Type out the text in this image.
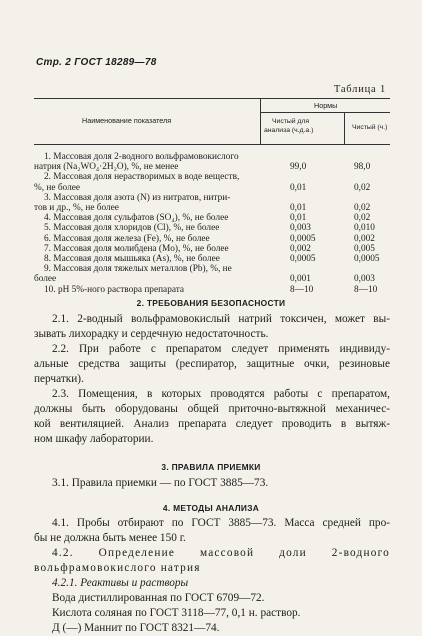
Стр. 2 ГОСТ 18289—78
Таблица 1
Наименование показателя
Нормы
Чистый для
анализа (ч.д.а.)	Чистый (ч.)
1. Массовая доля 2-водного вольфрамовокислого
натрия (Na₂WO₄·2H₂O), %, не менее	99,0	98,0
2. Массовая доля нерастворимых в воде веществ,
%, не более	0,01	0,02
3. Массовая доля азота (N) из нитратов, нитри-
тов и др., %, не более	0,01	0,02
4. Массовая доля сульфатов (SO₄), %, не более	0,01	0,02
5. Массовая доля хлоридов (Cl), %, не более	0,003	0,010
6. Массовая доля железа (Fe), %, не более	0,0005	0,002
7. Массовая доля молибдена (Mo), %, не более	0,002	0,005
8. Массовая доля мышьяка (As), %, не более	0,0005	0,0005
9. Массовая доля тяжелых металлов (Pb), %, не
более	0,001	0,003
10. pH 5%-ного раствора препарата	8—10	8—10
2. ТРЕБОВАНИЯ БЕЗОПАСНОСТИ
2.1. 2-водный вольфрамовокислый натрий токсичен, может вы-
зывать лихорадку и сердечную недостаточность.
2.2. При работе с препаратом следует применять индивиду-
альные средства защиты (респиратор, защитные очки, резиновые
перчатки).
2.3. Помещения, в которых проводятся работы с препаратом,
должны быть оборудованы общей приточно-вытяжной механичес-
кой вентиляцией. Анализ препарата следует проводить в вытяж-
ном шкафу лаборатории.
3. ПРАВИЛА ПРИЕМКИ
3.1. Правила приемки — по ГОСТ 3885—73.
4. МЕТОДЫ АНАЛИЗА
4.1. Пробы отбирают по ГОСТ 3885—73. Масса средней про-
бы не должна быть менее 150 г.
4.2. Определение массовой доли 2-водного
вольфрамовокислого натрия
4.2.1. Реактивы и растворы
Вода дистиллированная по ГОСТ 6709—72.
Кислота соляная по ГОСТ 3118—77, 0,1 н. раствор.
Д (—) Маннит по ГОСТ 8321—74.
